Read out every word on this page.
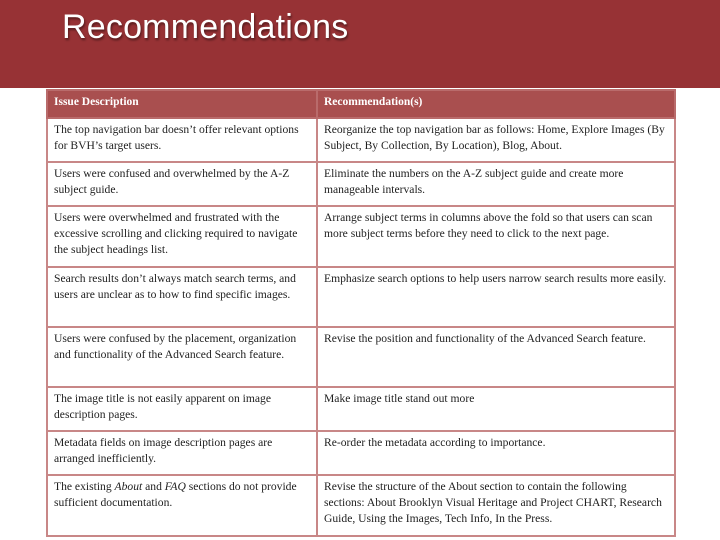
Recommendations
Issue Description	Recommendation(s)
The top navigation bar doesn’t offer relevant options for BVH’s target users.	Reorganize the top navigation bar as follows: Home, Explore Images (By Subject, By Collection, By Location), Blog, About.
Users were confused and overwhelmed by the A-Z subject guide.	Eliminate the numbers on the A-Z subject guide and create more manageable intervals.
Users were overwhelmed and frustrated with the excessive scrolling and clicking required to navigate the subject headings list.	Arrange subject terms in columns above the fold so that users can scan more subject terms before they need to click to the next page.
Search results don’t always match search terms, and users are unclear as to how to find specific images.	Emphasize search options to help users narrow search results more easily.
Users were confused by the placement, organization and functionality of the Advanced Search feature.	Revise the position and functionality of the Advanced Search feature.
The image title is not easily apparent on image description pages.	Make image title stand out more
Metadata fields on image description pages are arranged inefficiently.	Re-order the metadata according to importance.
The existing About and FAQ sections do not provide sufficient documentation.	Revise the structure of the About section to contain the following sections: About Brooklyn Visual Heritage and Project CHART, Research Guide, Using the Images, Tech Info, In the Press.
